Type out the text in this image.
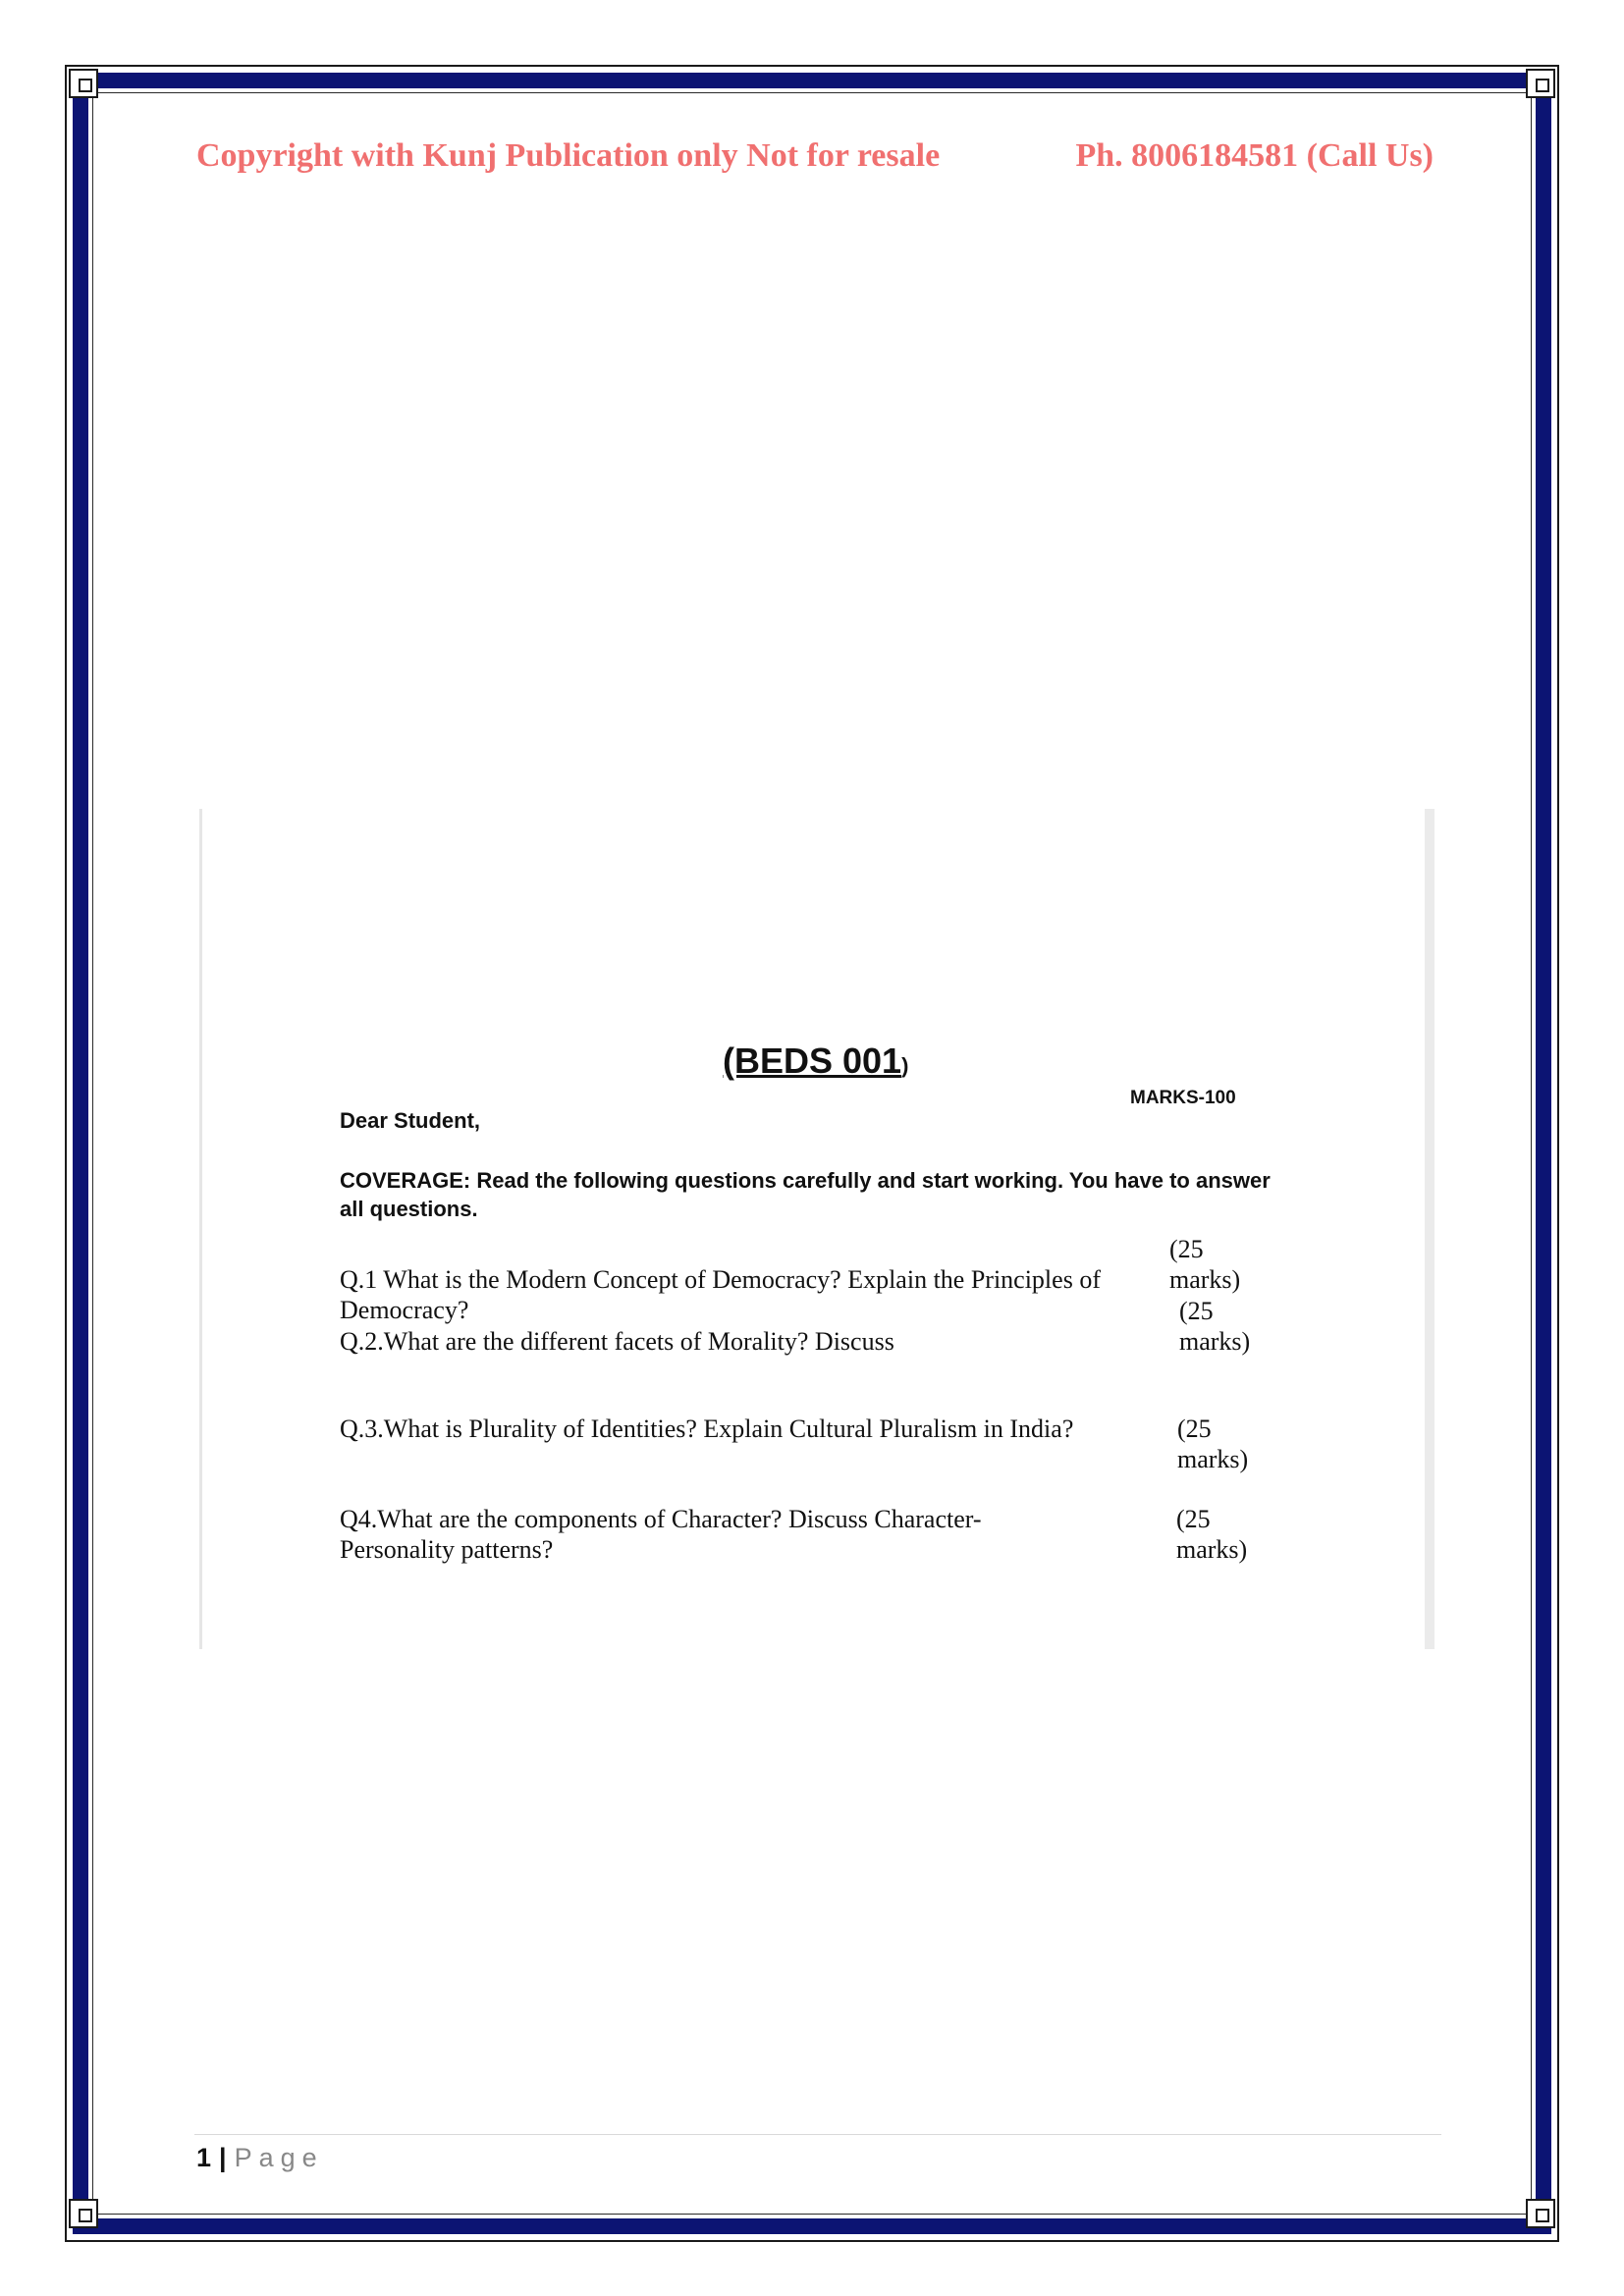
Copyright with Kunj Publication only Not for resale	Ph. 8006184581 (Call Us)
(BEDS 001)
MARKS-100
Dear Student,
COVERAGE: Read the following questions carefully and start working. You have to answer all questions.
Q.1 What is the Modern Concept of Democracy? Explain the Principles of Democracy?
(25 marks)
Q.2.What are the different facets of Morality? Discuss
(25 marks)
Q.3.What is Plurality of Identities? Explain Cultural Pluralism in India?	(25 marks)
Q4.What are the components of Character? Discuss Character-Personality patterns?
(25 marks)
1 | Page
